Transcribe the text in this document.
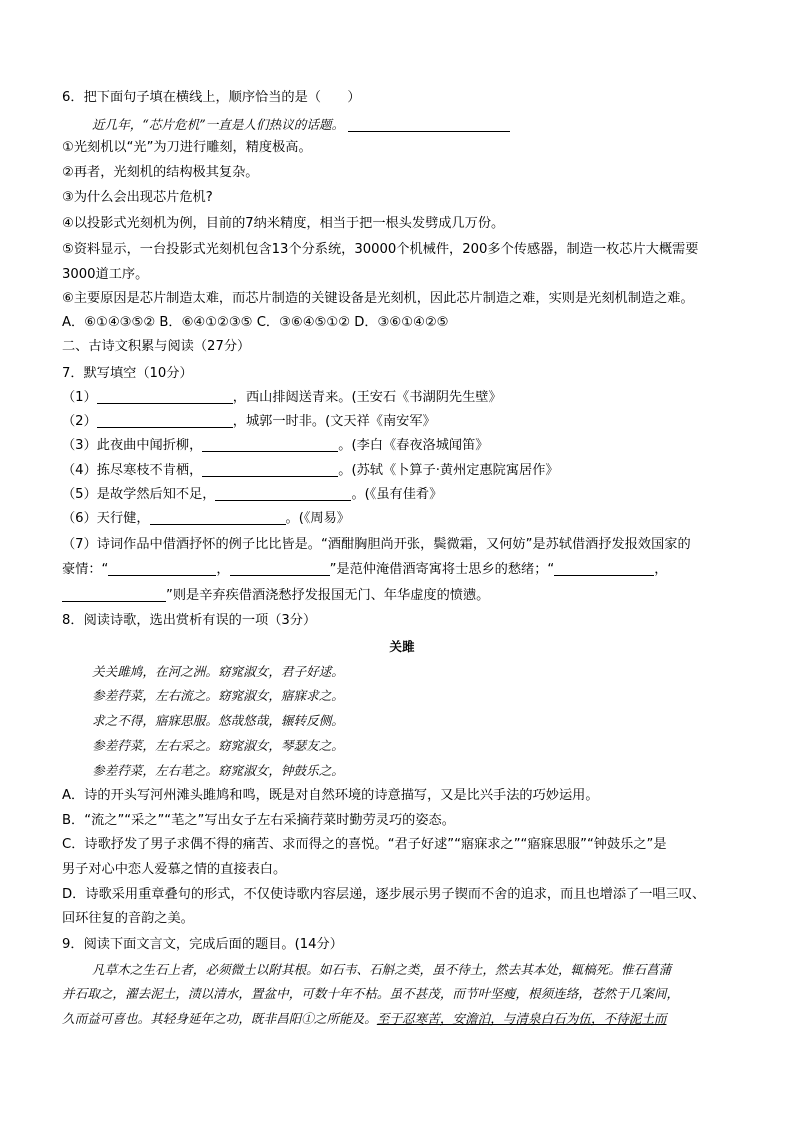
6．把下面句子填在横线上，顺序恰当的是（　　）
近几年，“芯片危机”一直是人们热议的话题。
①光刻机以“光”为刀进行雕刻，精度极高。
②再者，光刻机的结构极其复杂。
③为什么会出现芯片危机?
④以投影式光刻机为例，目前的7纳米精度，相当于把一根头发劈成几万份。
⑤资料显示，一台投影式光刻机包含13个分系统，30000个机械件，200多个传感器，制造一枚芯片大概需要
3000道工序。
⑥主要原因是芯片制造太难，而芯片制造的关键设备是光刻机，因此芯片制造之难，实则是光刻机制造之难。
A．⑥①④③⑤② B．⑥④①②③⑤ C．③⑥④⑤①② D．③⑥①④②⑤
二、古诗文积累与阅读（27分）
7．默写填空（10分）
（1）	，西山排闼送青来。(王安石《书湖阴先生壁》
（2）	，城郭一时非。(文天祥《南安军》
（3）此夜曲中闻折柳，	。(李白《春夜洛城闻笛》
（4）拣尽寒枝不肯栖，	。(苏轼《卜算子·黄州定惠院寓居作》
（5）是故学然后知不足，	。(《虽有佳肴》
（6）天行健，	。(《周易》
（7）诗词作品中借酒抒怀的例子比比皆是。“酒酣胸胆尚开张，鬓微霜，又何妨”是苏轼借酒抒发报效国家的
豪情：“	，	”是范仲淹借酒寄寓将士思乡的愁绪；“	，
”则是辛弃疾借酒浇愁抒发报国无门、年华虚度的愤懑。
8．阅读诗歌，选出赏析有误的一项（3分）
关雎
关关雎鸠，在河之洲。窈窕淑女，君子好逑。
参差荇菜，左右流之。窈窕淑女，寤寐求之。
求之不得，寤寐思服。悠哉悠哉，辗转反侧。
参差荇菜，左右采之。窈窕淑女，琴瑟友之。
参差荇菜，左右芼之。窈窕淑女，钟鼓乐之。
A．诗的开头写河州滩头雎鸠和鸣，既是对自然环境的诗意描写，又是比兴手法的巧妙运用。
B．“流之”“采之”“芼之”写出女子左右采摘荇菜时勤劳灵巧的姿态。
C．诗歌抒发了男子求偶不得的痛苦、求而得之的喜悦。“君子好逑”“寤寐求之”“寤寐思服”“钟鼓乐之”是
男子对心中恋人爱慕之情的直接表白。
D．诗歌采用重章叠句的形式，不仅使诗歌内容层递，逐步展示男子锲而不舍的追求，而且也增添了一唱三叹、
回环往复的音韵之美。
9．阅读下面文言文，完成后面的题目。(14分）
凡草木之生石上者，必须微土以附其根。如石韦、石斛之类，虽不待土，然去其本处，辄槁死。惟石菖蒲
并石取之，濯去泥土，渍以清水，置盆中，可数十年不枯。虽不甚茂，而节叶坚瘦，根须连络，苍然于几案间，
久而益可喜也。其轻身延年之功，既非昌阳①之所能及。至于忍寒苦，安澹泊，与清泉白石为伍，不待泥土而
